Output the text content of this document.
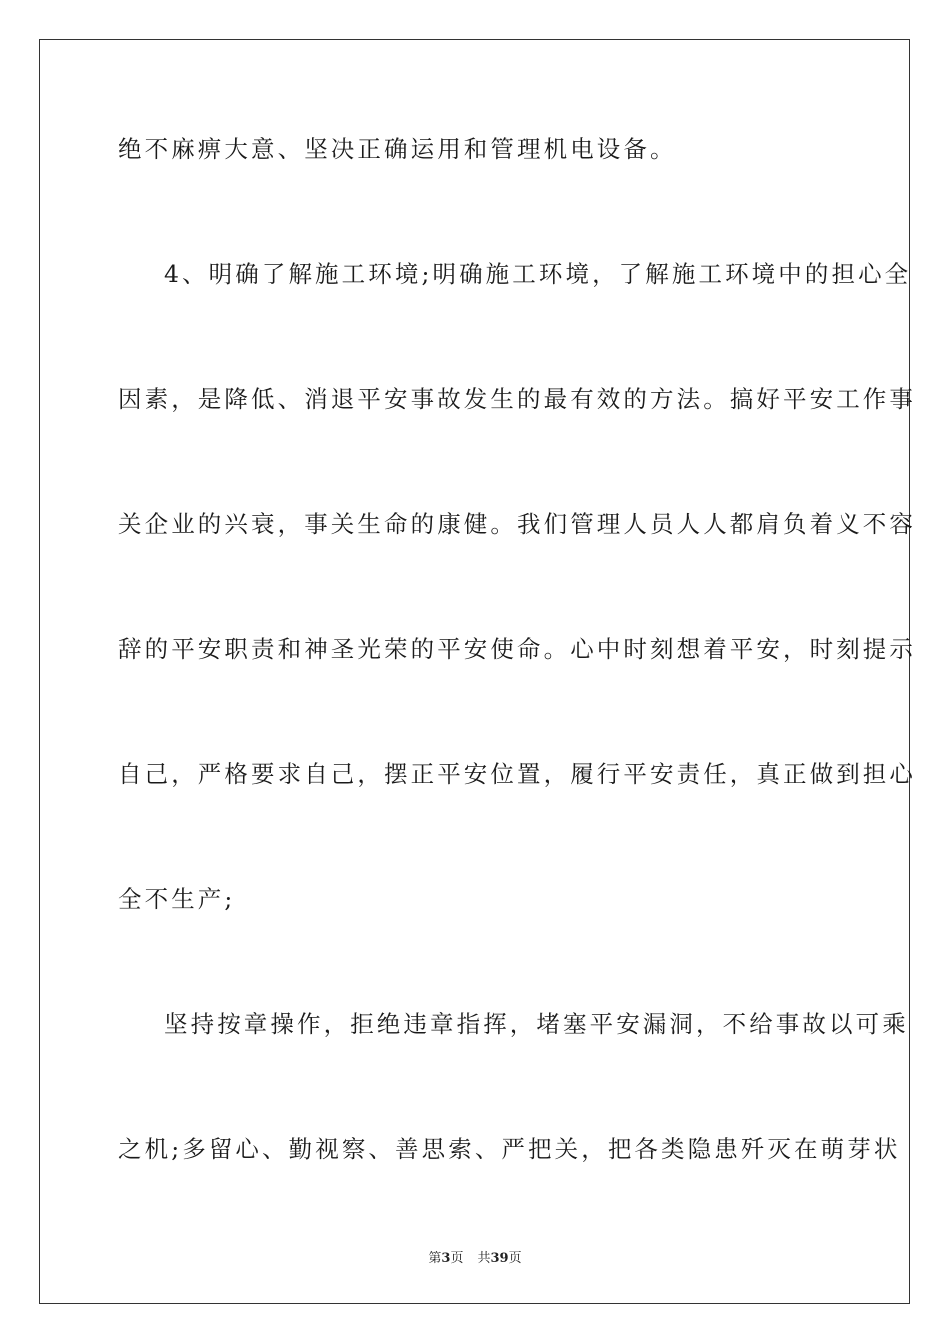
绝不麻痹大意、坚决正确运用和管理机电设备。
4、明确了解施工环境;明确施工环境，了解施工环境中的担心全
因素，是降低、消退平安事故发生的最有效的方法。搞好平安工作事
关企业的兴衰，事关生命的康健。我们管理人员人人都肩负着义不容
辞的平安职责和神圣光荣的平安使命。心中时刻想着平安，时刻提示
自己，严格要求自己，摆正平安位置，履行平安责任，真正做到担心
全不生产;
坚持按章操作，拒绝违章指挥，堵塞平安漏洞，不给事故以可乘
之机;多留心、勤视察、善思索、严把关，把各类隐患歼灭在萌芽状
第3页 共39页
